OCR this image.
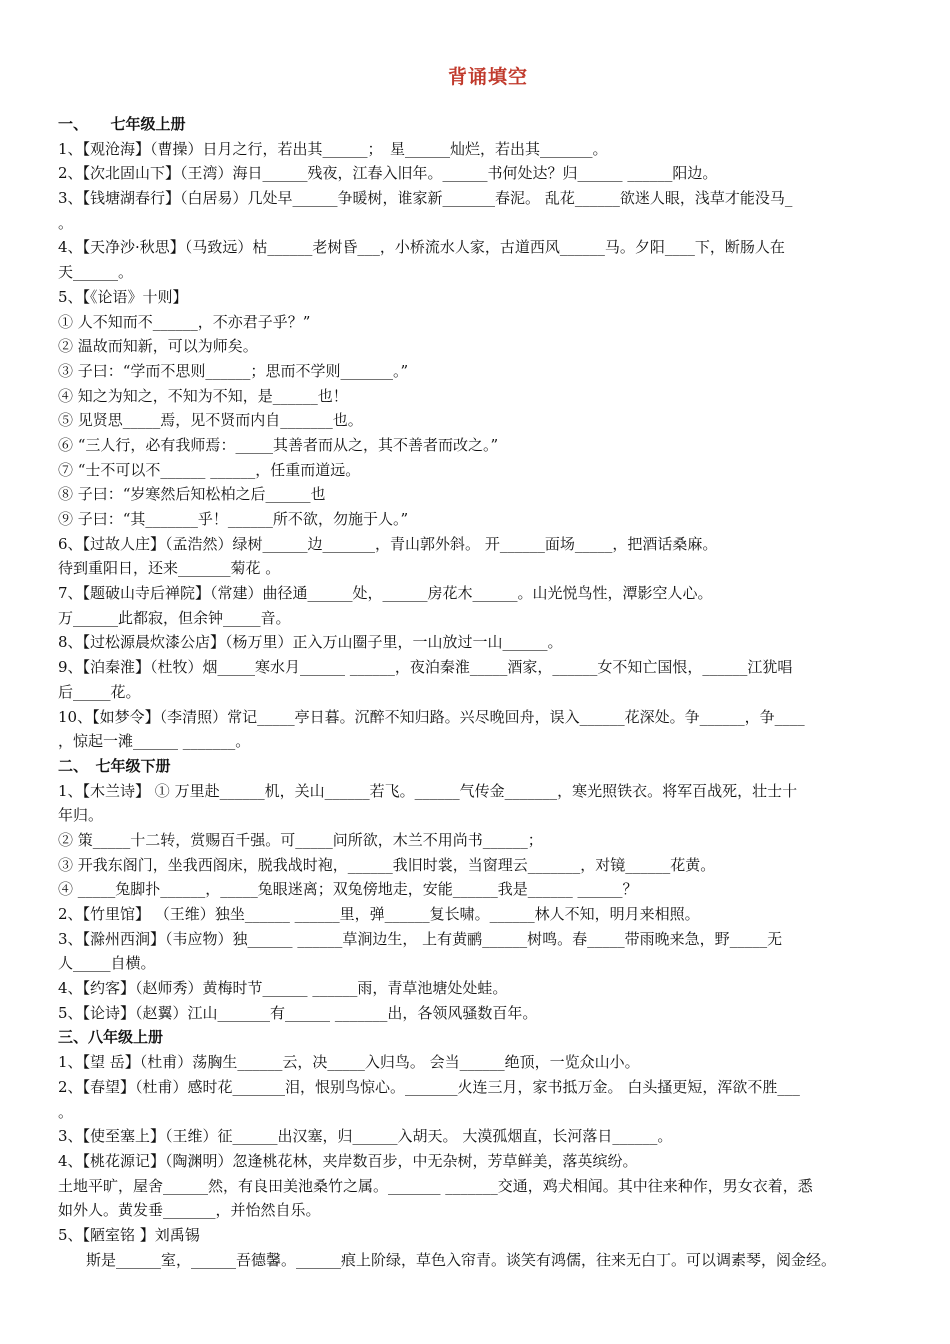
背诵填空
一、　　七年级上册
1、【观沧海】（曹操）日月之行，若出其______；　星______灿烂，若出其_______。
2、【次北固山下】（王湾）海日______残夜，江春入旧年。______书何处达？归______ ______阳边。
3、【钱塘湖春行】（白居易）几处早______争暖树，谁家新_______春泥。 乱花______欲迷人眼，浅草才能没马_
。
4、【天净沙·秋思】（马致远）枯______老树昏___，小桥流水人家，古道西风______马。夕阳____下，断肠人在
天______。
5、【《论语》十则】
① 人不知而不______，不亦君子乎？”
② 温故而知新，可以为师矣。
③ 子曰：“学而不思则______；思而不学则_______。”
④ 知之为知之，不知为不知，是______也！
⑤ 见贤思_____焉，见不贤而内自_______也。
⑥ “三人行，必有我师焉：_____其善者而从之，其不善者而改之。”
⑦ “士不可以不______ ______，任重而道远。
⑧ 子曰：“岁寒然后知松柏之后______也
⑨ 子曰：“其_______乎！______所不欲，勿施于人。”
6、【过故人庄】（孟浩然）绿树______边_______，青山郭外斜。 开______面场_____，把酒话桑麻。
待到重阳日，还来_______菊花 。
7、【题破山寺后禅院】（常建）曲径通______处，______房花木______。山光悦鸟性，潭影空人心。
万______此都寂，但余钟_____音。
8、【过松源晨炊漆公店】（杨万里）正入万山圈子里，一山放过一山______。
9、【泊秦淮】（杜牧）烟_____寒水月______ ______，夜泊秦淮_____酒家，______女不知亡国恨，______江犹唱
后_____花。
10、【如梦令】（李清照）常记_____亭日暮。沉醉不知归路。兴尽晚回舟，误入______花深处。争______，争____
，惊起一滩______ _______。
二、　七年级下册
1、【木兰诗】 ① 万里赴______机，关山______若飞。______气传金_______，寒光照铁衣。将军百战死，壮士十
年归。
② 策_____十二转，赏赐百千强。可_____问所欲，木兰不用尚书______；
③ 开我东阁门，坐我西阁床，脱我战时袍，______我旧时裳，当窗理云_______，对镜______花黄。
④ _____兔脚扑______，_____兔眼迷离；双兔傍地走，安能______我是______ ______？
2、【竹里馆】 （王维）独坐______ ______里，弹______复长啸。______林人不知，明月来相照。
3、【滁州西涧】（韦应物）独______ ______草涧边生， 上有黄鹂______树鸣。春_____带雨晚来急，野_____无
人_____自横。
4、【约客】（赵师秀）黄梅时节______ ______雨，青草池塘处处蛙。
5、【论诗】（赵翼）江山_______有______ _______出，各领风骚数百年。
三、八年级上册
1、【望 岳】（杜甫）荡胸生______云，决_____入归鸟。 会当______绝顶，一览众山小。
2、【春望】（杜甫）感时花_______泪，恨别鸟惊心。_______火连三月，家书抵万金。 白头搔更短，浑欲不胜___
。
3、【使至塞上】（王维）征______出汉塞，归______入胡天。 大漠孤烟直，长河落日______。
4、【桃花源记】（陶渊明）忽逢桃花林，夹岸数百步，中无杂树，芳草鲜美，落英缤纷。
土地平旷，屋舍______然，有良田美池桑竹之属。_______ _______交通，鸡犬相闻。其中往来种作，男女衣着，悉
如外人。黄发垂_______，并怡然自乐。
5、【陋室铭 】刘禹锡
斯是______室，______吾德馨。______痕上阶绿，草色入帘青。谈笑有鸿儒，往来无白丁。可以调素琴，阅金经。
